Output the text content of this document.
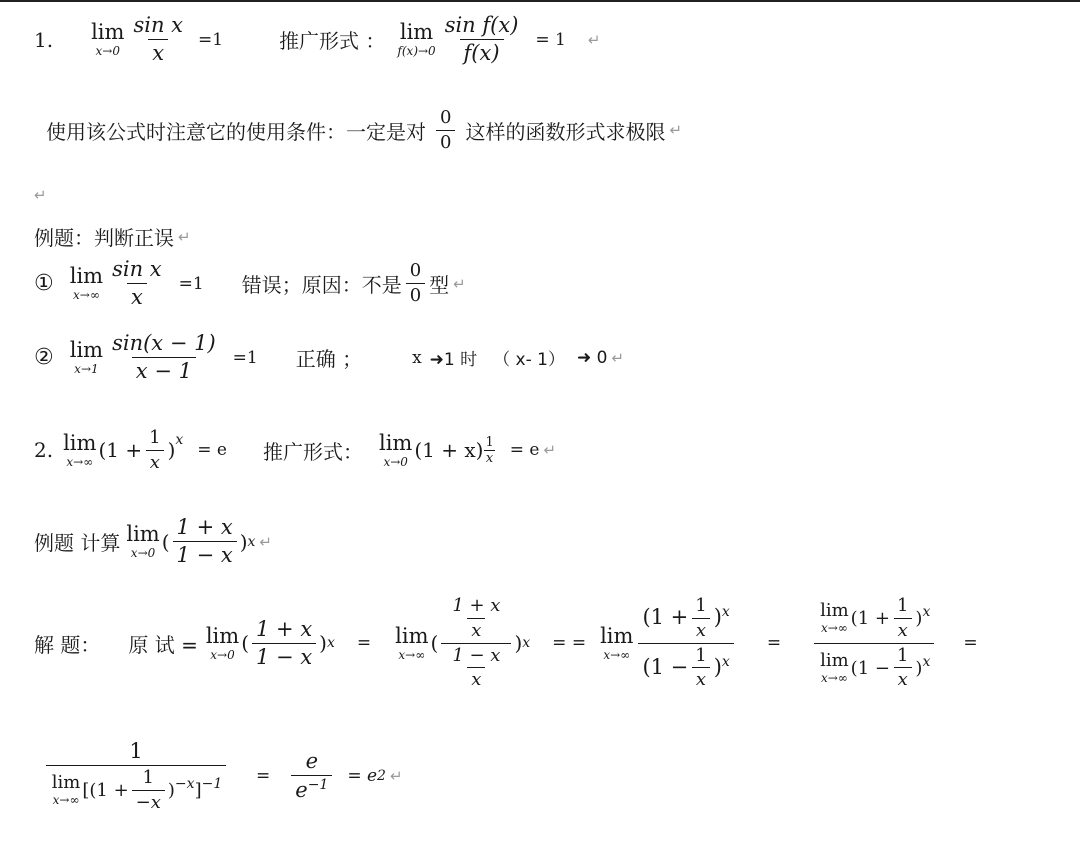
1. lim
$x\to 0 \frac{\text{sin x}}{x} =1$	推广形式 ： lim
$f(x)\to 0 \frac{\text{sin f(x)}}{f(x)} = 1$ ↵
使用该公式时注意它的使用条件：一定是对 $\frac{0}{0}$ 这样的函数形式求极限 ↵
↵
例题：判断正误 ↵
① lim
$x\to\infty \frac{\text{sin x}}{x} =1$ 错误；原因：不是 $\frac{0}{0}$ 型 ↵
② lim
$x\to 1 \frac{\sin(x - 1)}{x - 1} =1$ 正确 ；	x ➜1 时 （ x- 1） ➜ 0 ↵
2. lim
x→∞ ($1 + \frac{1}{x}$ ) x = e 推广形式： lim
x→0 $(1 + x) \frac{1}{x} = e$ ↵
例题 计算 lim
x→0 ( $\frac{1 + x}{1 - x}$ ) x ↵
解 题： 原 试 = lim
x→0 ( $\frac{1 + x}{1 - x}$ ) x = lim
x→∞ ( $\frac{\frac{1 + x}{x}}{\frac{1 - x}{x}}$ ) x = = lim
$x\to\infty \frac{(1 + \frac{1}{x} )^x}{(1 - \frac{1}{x} )^x} = \lim$
x→∞ $(1 + \frac{1}{x} )^x$
lim
x→∞ $(1 - \frac{1}{x} )^x$ =
1
lim
x→∞ $[(1 + \frac{1}{-x} )^{-x}]^{-1} = \frac{e}{e^{-1}} = e$ 2 ↵
